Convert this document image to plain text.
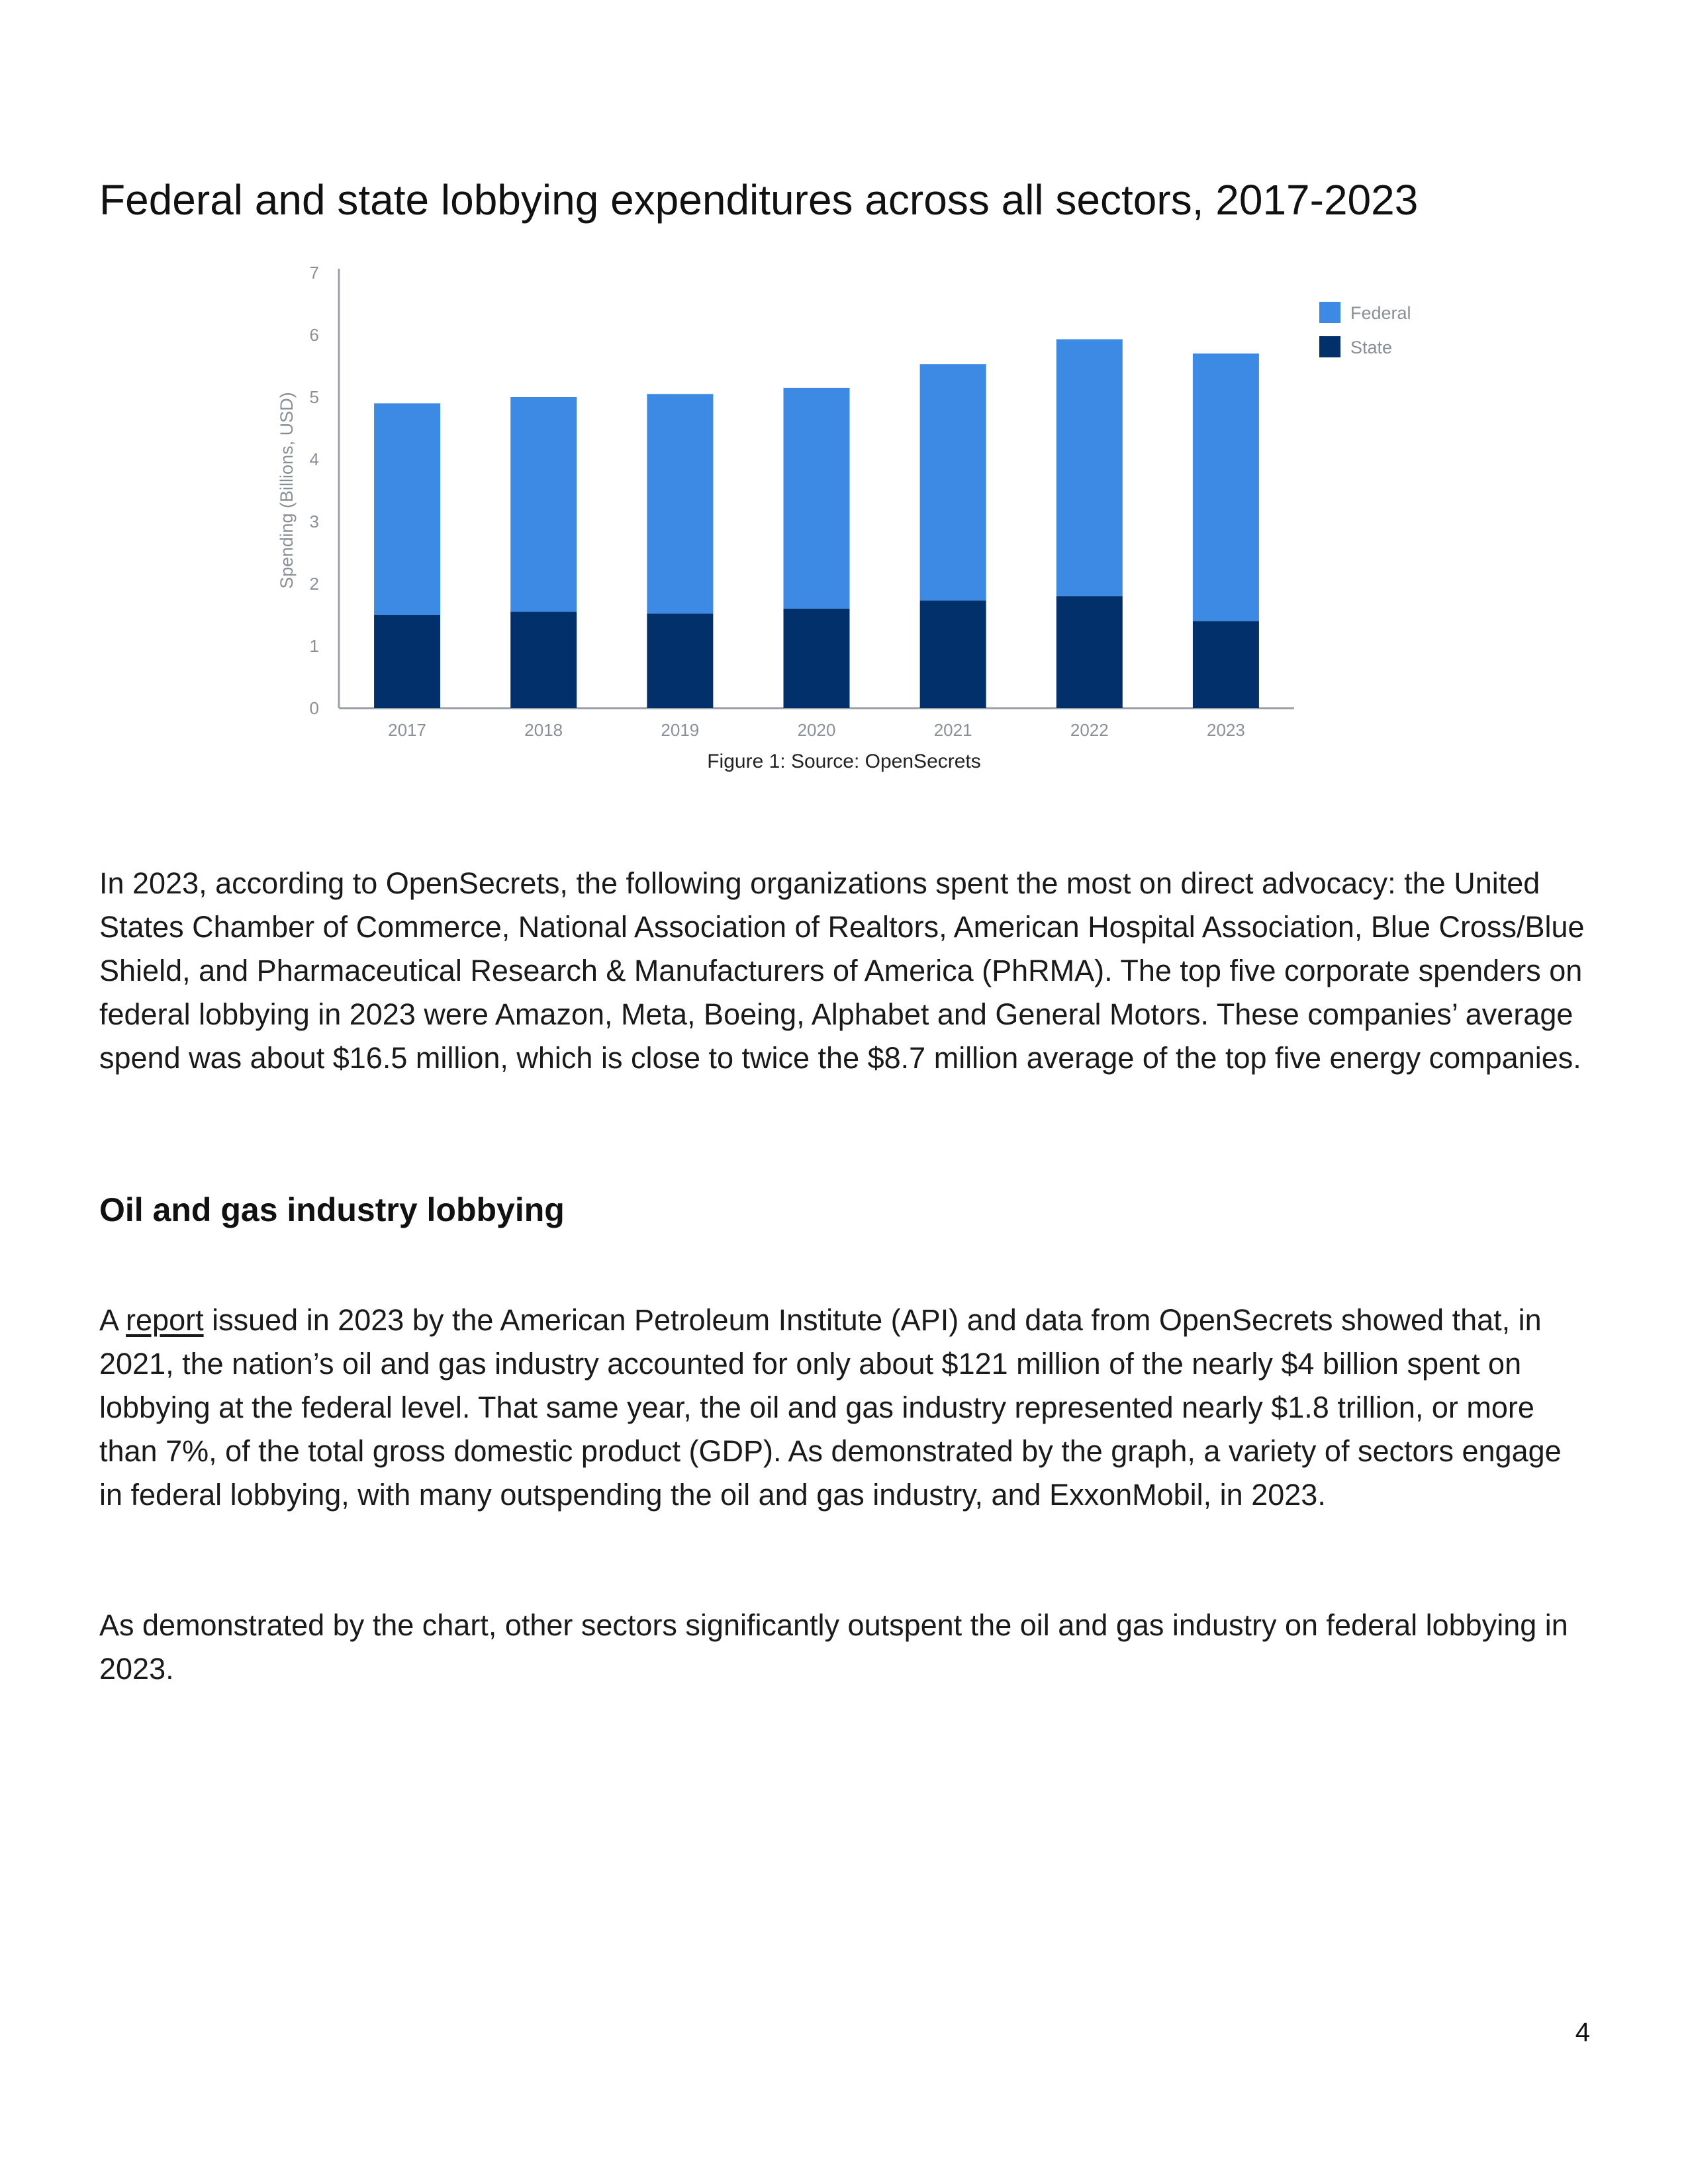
Federal and state lobbying expenditures across all sectors, 2017-2023
0
1
2
3
4
5
6
7
Spending (Billions, USD)
2017	2018	2019	2020	2021	2022	2023
Federal
State

Figure 1: Source: OpenSecrets

In 2023, according to OpenSecrets, the following organizations spent the most on direct advocacy: the United States Chamber of Commerce, National Association of Realtors, American Hospital Association, Blue Cross/Blue Shield, and Pharmaceutical Research & Manufacturers of America (PhRMA). The top five corporate spenders on federal lobbying in 2023 were Amazon, Meta, Boeing, Alphabet and General Motors. These companies’ average spend was about $16.5 million, which is close to twice the $8.7 million average of the top five energy companies.

Oil and gas industry lobbying

A report issued in 2023 by the American Petroleum Institute (API) and data from OpenSecrets showed that, in 2021, the nation’s oil and gas industry accounted for only about $121 million of the nearly $4 billion spent on lobbying at the federal level. That same year, the oil and gas industry represented nearly $1.8 trillion, or more than 7%, of the total gross domestic product (GDP). As demonstrated by the graph, a variety of sectors engage in federal lobbying, with many outspending the oil and gas industry, and ExxonMobil, in 2023.

As demonstrated by the chart, other sectors significantly outspent the oil and gas industry on federal lobbying in 2023.

4
